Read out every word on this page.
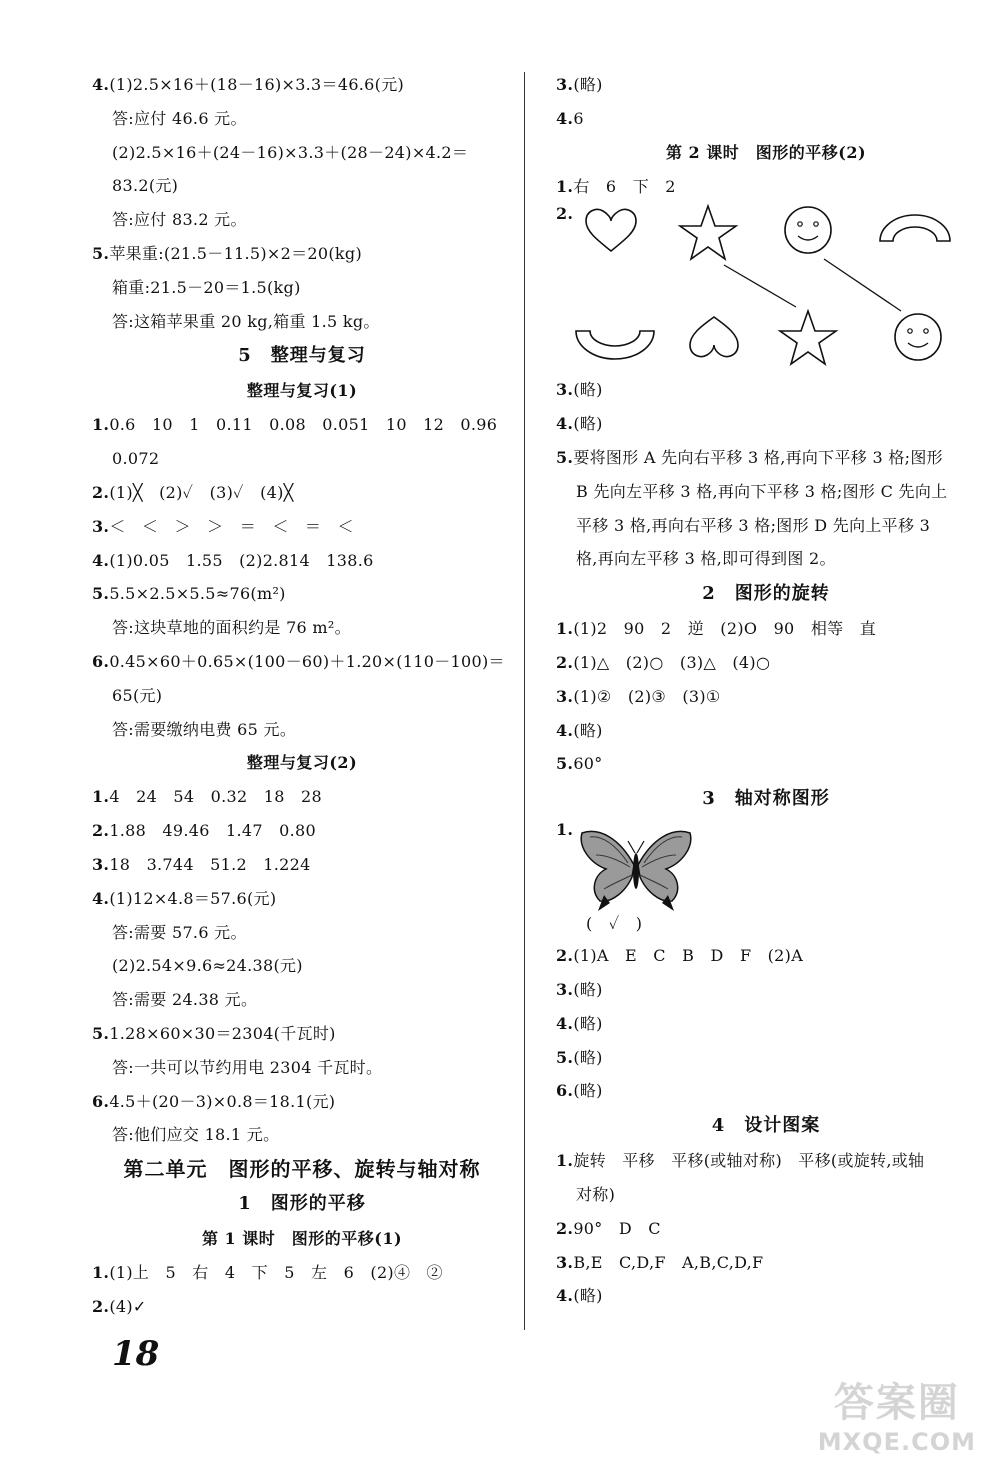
4.(1)2.5×16＋(18－16)×3.3＝46.6(元)
答:应付 46.6 元。
(2)2.5×16＋(24－16)×3.3＋(28－24)×4.2＝
83.2(元)
答:应付 83.2 元。
5.苹果重:(21.5－11.5)×2＝20(kg)
箱重:21.5－20＝1.5(kg)
答:这箱苹果重 20 kg,箱重 1.5 kg。
5　整理与复习
整理与复习(1)
1.0.6　10　1　0.11　0.08　0.051　10　12　0.96
0.072
2.(1)╳　(2)✓　(3)✓　(4)╳
3.＜　＜　＞　＞　＝　＜　＝　＜
4.(1)0.05　1.55　(2)2.814　138.6
5.5.5×2.5×5.5≈76(m²)
答:这块草地的面积约是 76 m²。
6.0.45×60＋0.65×(100－60)＋1.20×(110－100)＝
65(元)
答:需要缴纳电费 65 元。
整理与复习(2)
1.4　24　54　0.32　18　28
2.1.88　49.46　1.47　0.80
3.18　3.744　51.2　1.224
4.(1)12×4.8＝57.6(元)
答:需要 57.6 元。
(2)2.54×9.6≈24.38(元)
答:需要 24.38 元。
5.1.28×60×30＝2304(千瓦时)
答:一共可以节约用电 2304 千瓦时。
6.4.5＋(20－3)×0.8＝18.1(元)
答:他们应交 18.1 元。
第二单元　图形的平移、旋转与轴对称
1　图形的平移
第 1 课时　图形的平移(1)
1.(1)上　5　右　4　下　5　左　6　(2)④　②
2.(4)✓
3.(略)
4.6
第 2 课时　图形的平移(2)
1.右　6　下　2
2.
3.(略)
4.(略)
5.要将图形 A 先向右平移 3 格,再向下平移 3 格;图形
B 先向左平移 3 格,再向下平移 3 格;图形 C 先向上
平移 3 格,再向右平移 3 格;图形 D 先向上平移 3
格,再向左平移 3 格,即可得到图 2。
2　图形的旋转
1.(1)2　90　2　逆　(2)O　90　相等　直
2.(1)△　(2)○　(3)△　(4)○
3.(1)②　(2)③　(3)①
4.(略)
5.60°
3　轴对称图形
1.
(　✓　)
2.(1)A　E　C　B　D　F　(2)A
3.(略)
4.(略)
5.(略)
6.(略)
4　设计图案
1.旋转　平移　平移(或轴对称)　平移(或旋转,或轴
对称)
2.90°　D　C
3.B,E　C,D,F　A,B,C,D,F
4.(略)
18
答案圈
MXQE.COM
